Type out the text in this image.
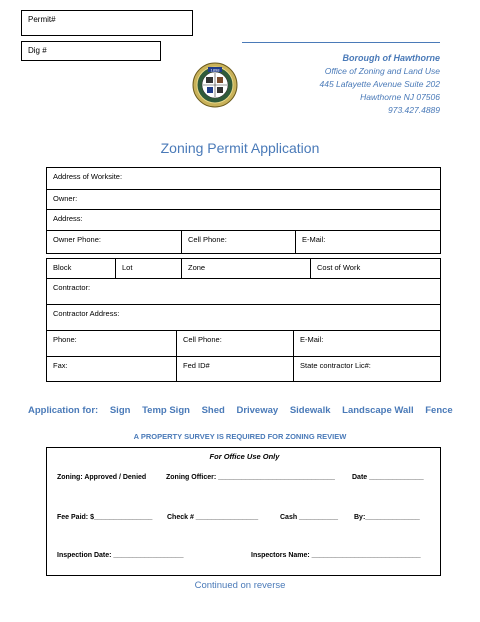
Permit#
Dig #
1898
Borough of Hawthorne
Office of Zoning and Land Use
445 Lafayette Avenue Suite 202
Hawthorne NJ 07506
973.427.4889
Zoning Permit Application
Address of Worksite:
Owner:
Address:
Owner Phone:	Cell Phone:	E-Mail:
Block	Lot	Zone	Cost of Work
Contractor:
Contractor Address:
Phone:	Cell Phone:	E-Mail:
Fax:	Fed ID#	State contractor Lic#:
Application for: Sign Temp Sign Shed Driveway Sidewalk Landscape Wall Fence
A PROPERTY SURVEY IS REQUIRED FOR ZONING REVIEW
For Office Use Only
Zoning: Approved / Denied	Zoning Officer: ______________________________ Date ______________
Fee Paid: $_______________ Check # ________________	Cash __________ By:______________
Inspection Date: __________________	Inspectors Name: ____________________________
Continued on reverse
